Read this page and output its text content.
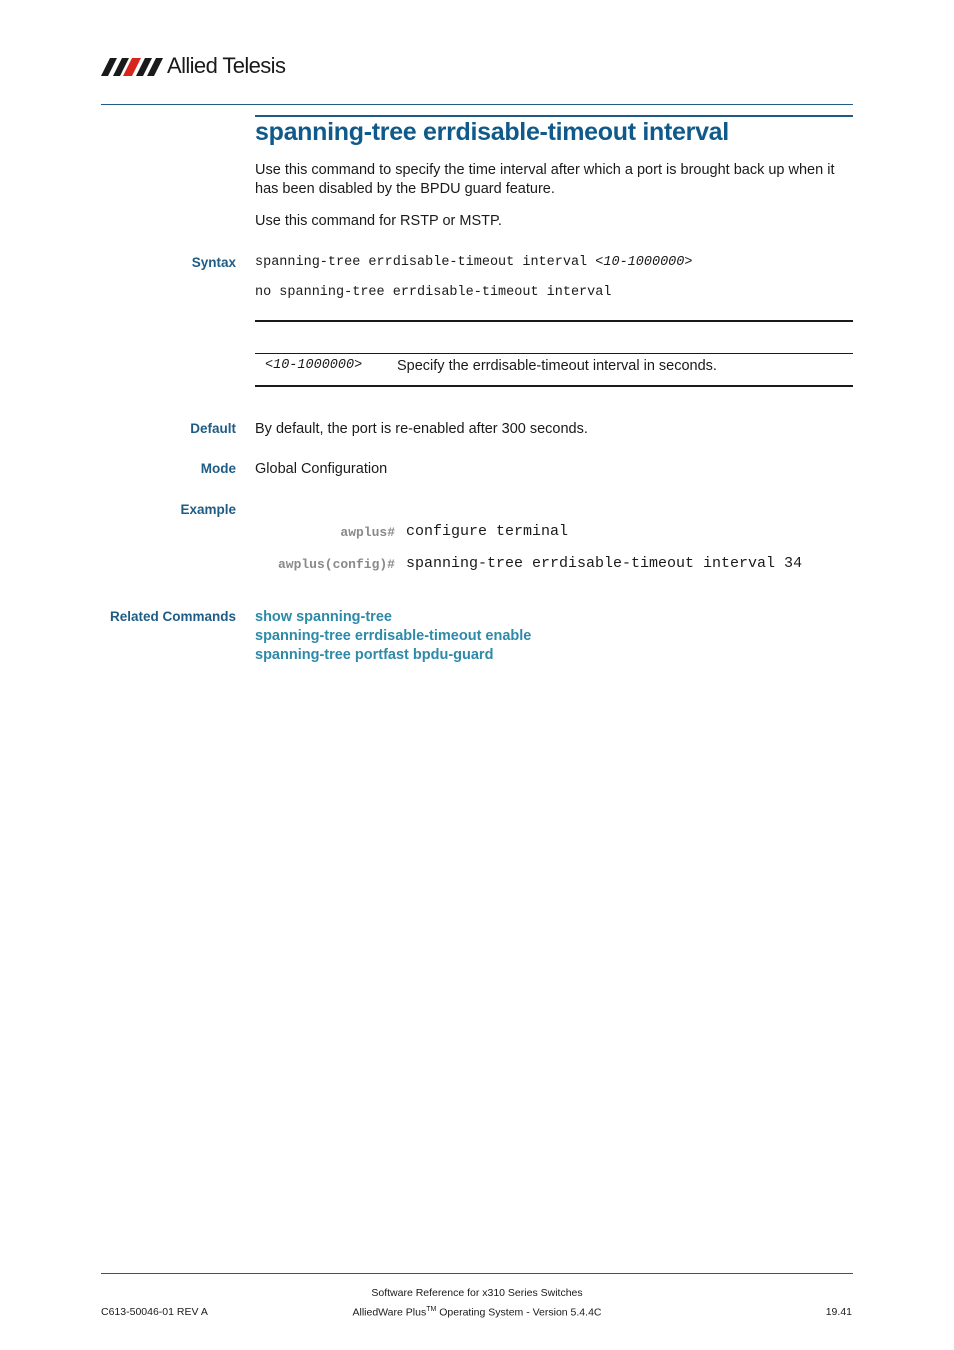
Allied Telesis
spanning-tree errdisable-timeout interval
Use this command to specify the time interval after which a port is brought back up when it has been disabled by the BPDU guard feature.
Use this command for RSTP or MSTP.
Syntax spanning-tree errdisable-timeout interval <10-1000000>
no spanning-tree errdisable-timeout interval
<10-1000000> Specify the errdisable-timeout interval in seconds.
Default By default, the port is re-enabled after 300 seconds.
Mode Global Configuration
Example
awplus# configure terminal
awplus(config)# spanning-tree errdisable-timeout interval 34
Related Commands show spanning-tree
spanning-tree errdisable-timeout enable
spanning-tree portfast bpdu-guard
C613-50046-01 REV A
Software Reference for x310 Series Switches
AlliedWare Plus™ Operating System - Version 5.4.4C	19.41
